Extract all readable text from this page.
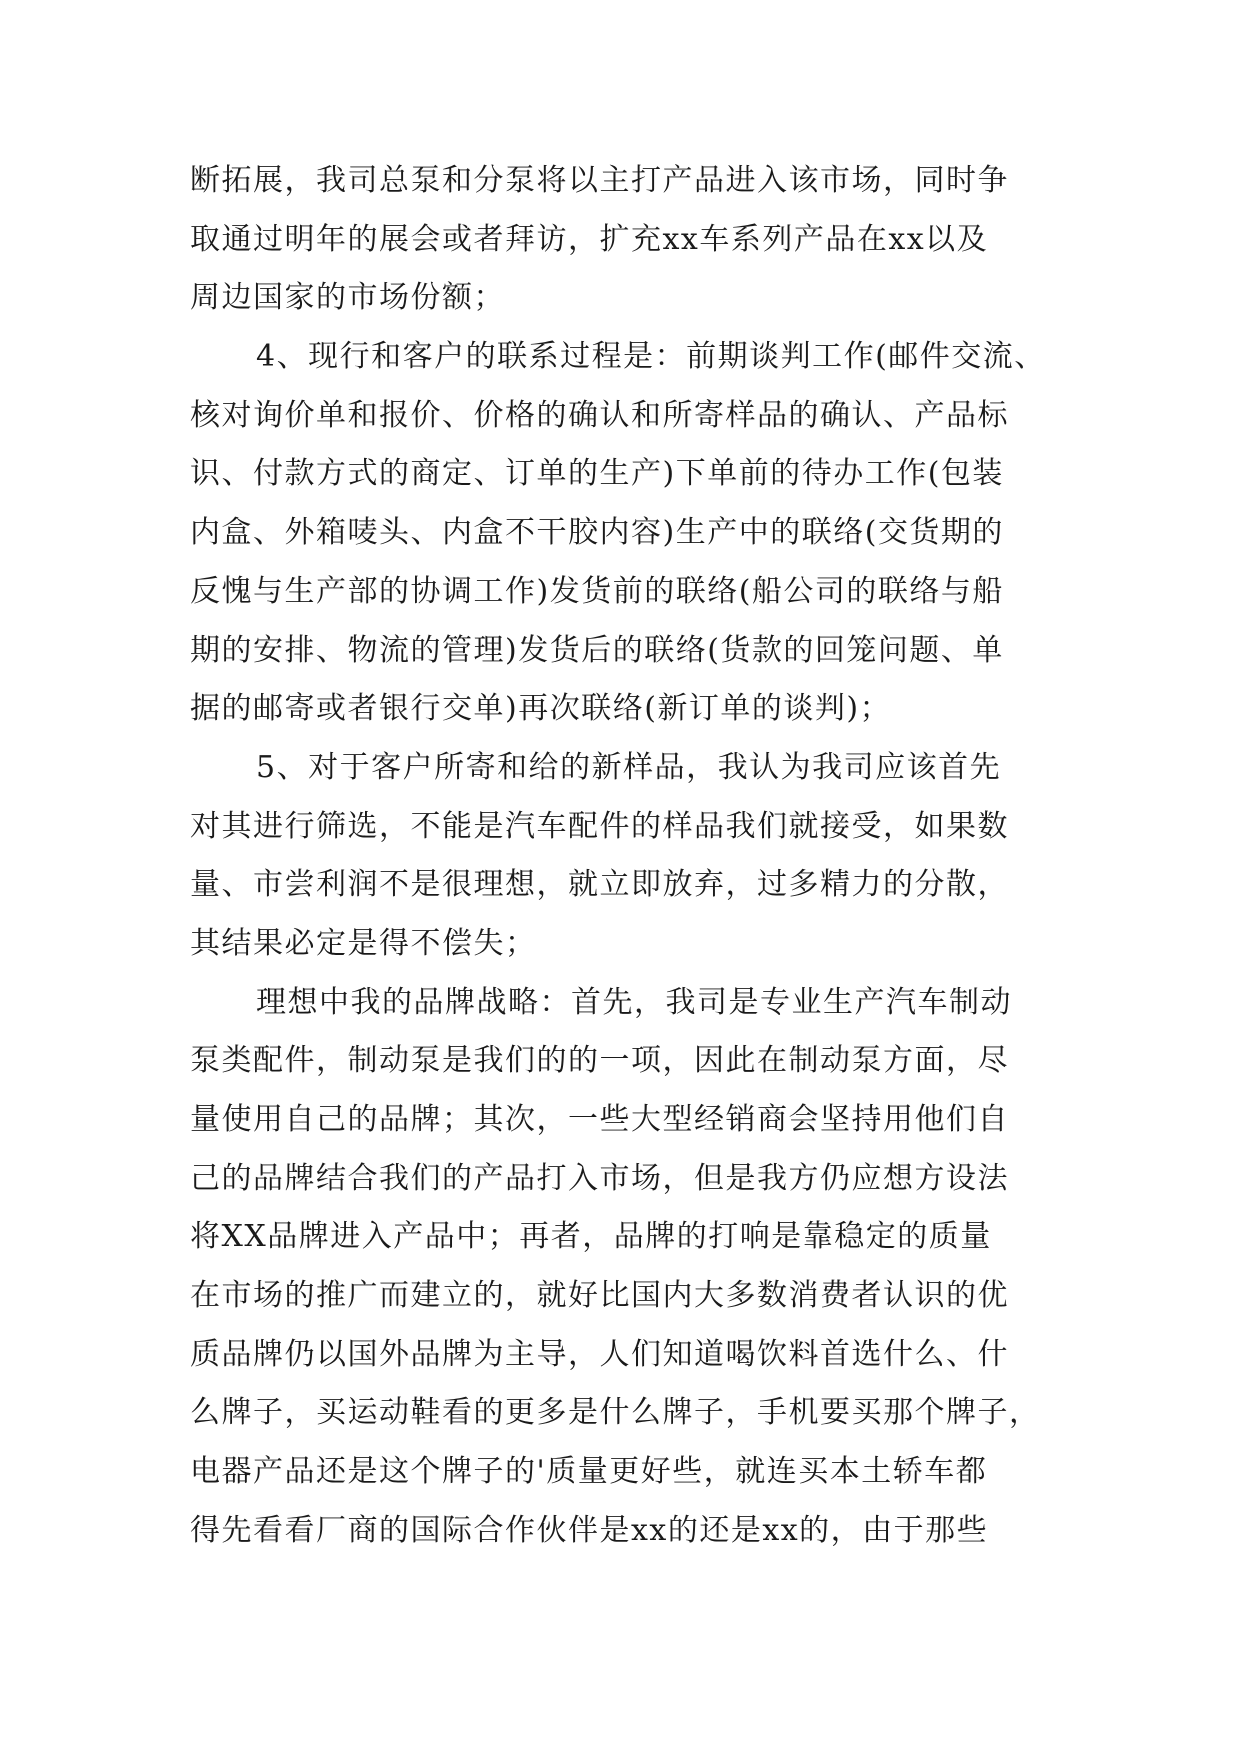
断拓展，我司总泵和分泵将以主打产品进入该市场，同时争
取通过明年的展会或者拜访，扩充xx车系列产品在xx以及
周边国家的市场份额；
4、现行和客户的联系过程是：前期谈判工作(邮件交流、
核对询价单和报价、价格的确认和所寄样品的确认、产品标
识、付款方式的商定、订单的生产)下单前的待办工作(包装
内盒、外箱唛头、内盒不干胶内容)生产中的联络(交货期的
反愧与生产部的协调工作)发货前的联络(船公司的联络与船
期的安排、物流的管理)发货后的联络(货款的回笼问题、单
据的邮寄或者银行交单)再次联络(新订单的谈判)；
5、对于客户所寄和给的新样品，我认为我司应该首先
对其进行筛选，不能是汽车配件的样品我们就接受，如果数
量、市尝利润不是很理想，就立即放弃，过多精力的分散，
其结果必定是得不偿失；
理想中我的品牌战略：首先，我司是专业生产汽车制动
泵类配件，制动泵是我们的的一项，因此在制动泵方面，尽
量使用自己的品牌；其次，一些大型经销商会坚持用他们自
己的品牌结合我们的产品打入市场，但是我方仍应想方设法
将XX品牌进入产品中；再者，品牌的打响是靠稳定的质量
在市场的推广而建立的，就好比国内大多数消费者认识的优
质品牌仍以国外品牌为主导，人们知道喝饮料首选什么、什
么牌子，买运动鞋看的更多是什么牌子，手机要买那个牌子，
电器产品还是这个牌子的'质量更好些，就连买本土轿车都
得先看看厂商的国际合作伙伴是xx的还是xx的，由于那些
